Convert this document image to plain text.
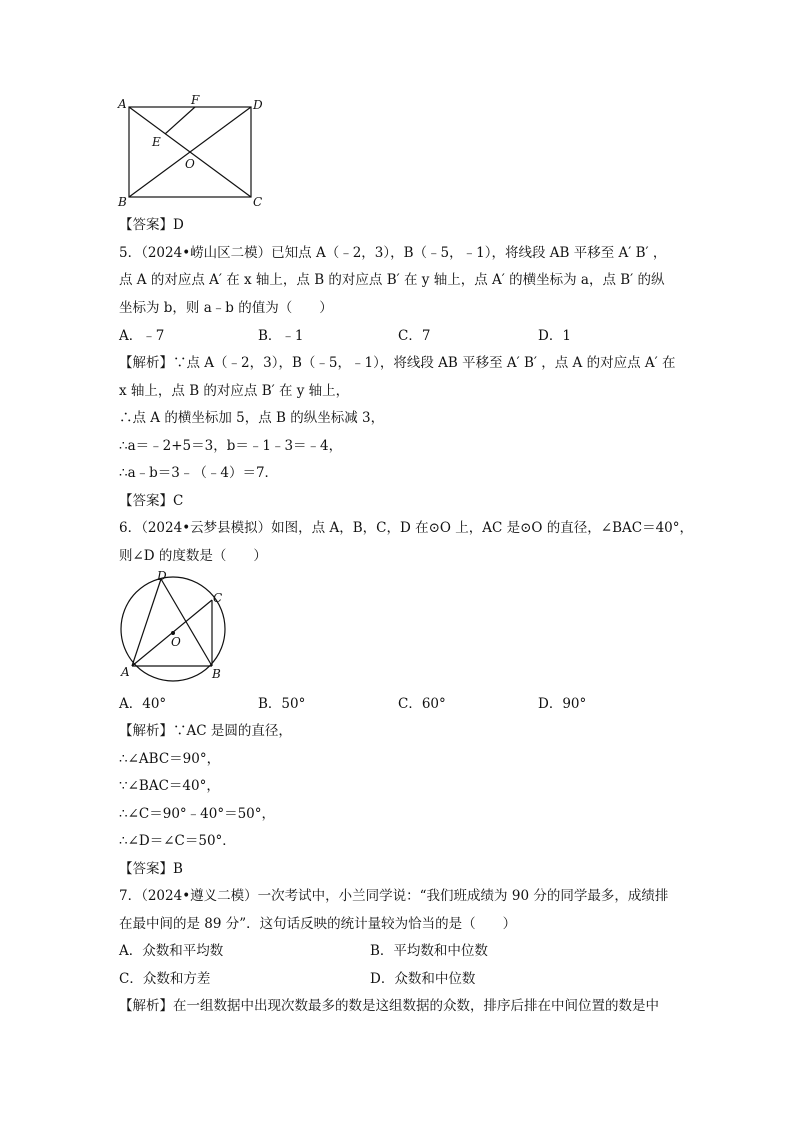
A	F	D
E
O
B	C
【答案】D
5．（2024•崂山区二模）已知点 A（﹣2，3），B（﹣5，﹣1），将线段 AB 平移至 A′ B′ ，
点 A 的对应点 A′ 在 x 轴上，点 B 的对应点 B′ 在 y 轴上，点 A′ 的横坐标为 a，点 B′ 的纵
坐标为 b，则 a﹣b 的值为（　　）
A．﹣7	B．﹣1	C．7	D．1
【解析】∵点 A（﹣2，3），B（﹣5，﹣1），将线段 AB 平移至 A′ B′ ，点 A 的对应点 A′ 在
x 轴上，点 B 的对应点 B′ 在 y 轴上，
∴点 A 的横坐标加 5，点 B 的纵坐标减 3，
∴a＝﹣2+5＝3，b＝﹣1﹣3＝﹣4，
∴a﹣b＝3﹣（﹣4）＝7．
【答案】C
6．（2024•云梦县模拟）如图，点 A，B，C，D 在⊙O 上，AC 是⊙O 的直径，∠BAC＝40°，
则∠D 的度数是（　　）
D
C
O
A	B
A．40°	B．50°	C．60°	D．90°
【解析】∵AC 是圆的直径，
∴∠ABC＝90°，
∵∠BAC＝40°，
∴∠C＝90°﹣40°＝50°，
∴∠D＝∠C＝50°．
【答案】B
7．（2024•遵义二模）一次考试中，小兰同学说：“我们班成绩为 90 分的同学最多，成绩排
在最中间的是 89 分”．这句话反映的统计量较为恰当的是（　　）
A．众数和平均数	B．平均数和中位数
C．众数和方差	D．众数和中位数
【解析】在一组数据中出现次数最多的数是这组数据的众数，排序后排在中间位置的数是中
